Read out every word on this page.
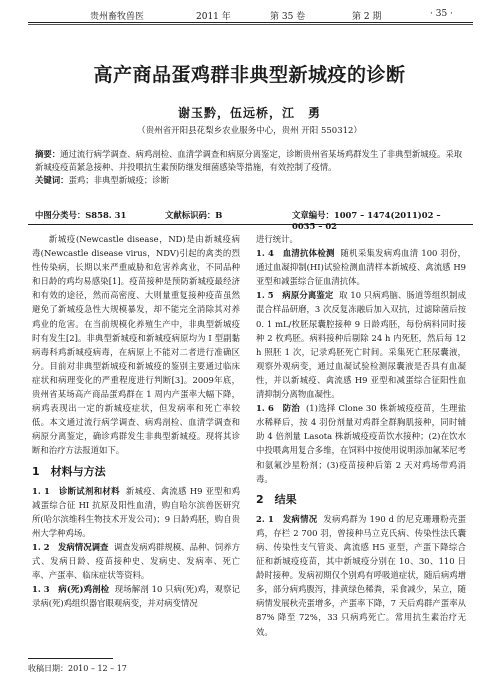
贵州畜牧兽医	2011 年	第 35 卷	第 2 期	· 35 ·
高产商品蛋鸡群非典型新城疫的诊断
谢玉黔，伍远桥，江　勇
（贵州省开阳县花梨乡农业服务中心，贵州 开阳 550312）
摘要：通过流行病学调查、病鸡剖检、血清学调查和病原分离鉴定，诊断贵州省某场鸡群发生了非典型新城疫。采取新城疫疫苗紧急接种、并投喂抗生素预防继发细菌感染等措施，有效控制了疫情。
关键词：蛋鸡；非典型新城疫；诊断
中图分类号：S858. 31	文献标识码：B	文章编号：1007 – 1474(2011)02 – 0035 – 02

新城疫(Newcastle disease，ND)是由新城疫病毒(Newcastle disease virus，NDV)引起的禽类的烈性传染病，长期以来严重威胁和危害养禽业，不同品种和日龄的鸡均易感染[1]。疫苗接种是预防新城疫最经济和有效的途径，然而高密度、大则量重复接种疫苗虽然避免了新城疫急性大规模暴发，却不能完全消除其对养鸡业的危害。在当前规模化养殖生产中，非典型新城疫时有发生[2]。非典型新城疫和新城疫病原均为 Ⅰ 型副黏病毒科鸡新城疫病毒，在病原上不能对二者进行准确区分。目前对非典型新城疫和新城疫的鉴别主要通过临床症状和病理变化的严重程度进行判断[3]。2009年底，贵州省某场高产商品蛋鸡群在 1 周内产蛋率大幅下降，病鸡表现出一定的新城疫症状，但发病率和死亡率较低。本文通过流行病学调查、病鸡剖检、血清学调查和病原分离鉴定，确诊鸡群发生非典型新城疫。现将其诊断和治疗方法报道如下。

1　材料与方法

1. 1　诊断试剂和材料 新城疫、禽流感 H9 亚型和鸡减蛋综合征 HI 抗原及阳性血清，购自哈尔滨兽医研究所(哈尔滨维科生物技术开发公司)；9 日龄鸡胚，购自贵州大学种鸡场。

1. 2　发病情况调查 调查发病鸡群规模、品种、饲养方式、发病日龄、疫苗接种史、发病史、发病率、死亡率、产蛋率、临床症状等资料。

1. 3　病(死)鸡剖检 现场解剖 10 只病(死)鸡，观察记录病(死)鸡组织器官眼观病变，并对病变情况

进行统计。

1. 4　血清抗体检测 随机采集发病鸡血清 100 羽份，通过血凝抑制(HI)试验检测血清样本新城疫、禽流感 H9 亚型和减蛋综合征血清抗体。

1. 5　病原分离鉴定 取 10 只病鸡脑、肠道等组织制成混合样品研磨，3 次反复冻融后加入双抗，过滤除菌后按 0. 1 mL/枚胚尿囊腔接种 9 日龄鸡胚，每份病料同时接种 2 枚鸡胚。病料接种后剔除 24 h 内死胚，然后每 12 h 照胚 1 次，记录鸡胚死亡时间。采集死亡胚尿囊液，观察外观病变，通过血凝试验检测尿囊液是否具有血凝性，并以新城疫、禽流感 H9 亚型和减蛋综合征阳性血清抑制分离物血凝性。

1. 6　防治 (1)选择 Clone 30 株新城疫疫苗，生理盐水稀释后，按 4 羽份剂量对鸡群全群胸肌接种，同时辅助 4 倍剂量 Lasota 株新城疫疫苗饮水接种；(2)在饮水中投喂禽用复合多维，在饲料中按使用说明添加氟苯尼考和氨氟沙星粉剂；(3)疫苗接种后第 2 天对鸡场带鸡消毒。

2　结果

2. 1　发病情况 发病鸡群为 190 d 的尼克珊珊粉壳蛋鸡，存栏 2 700 羽，曾接种马立克氏病、传染性法氏囊病、传染性支气管炎、禽流感 H5 亚型，产蛋下降综合征和新城疫疫苗，其中新城疫分别在 10、30、110 日龄时接种。发病初期仅个别鸡有呼吸道症状，随后病鸡增多，部分病鸡腹泻，排黄绿色稀粪，采食减少，呆立，随病情发展秋壳蛋增多，产蛋率下降，7 天后鸡群产蛋率从 87% 降至 72%，33 只病鸡死亡。常用抗生素治疗无效。

收稿日期：2010 – 12 – 17
